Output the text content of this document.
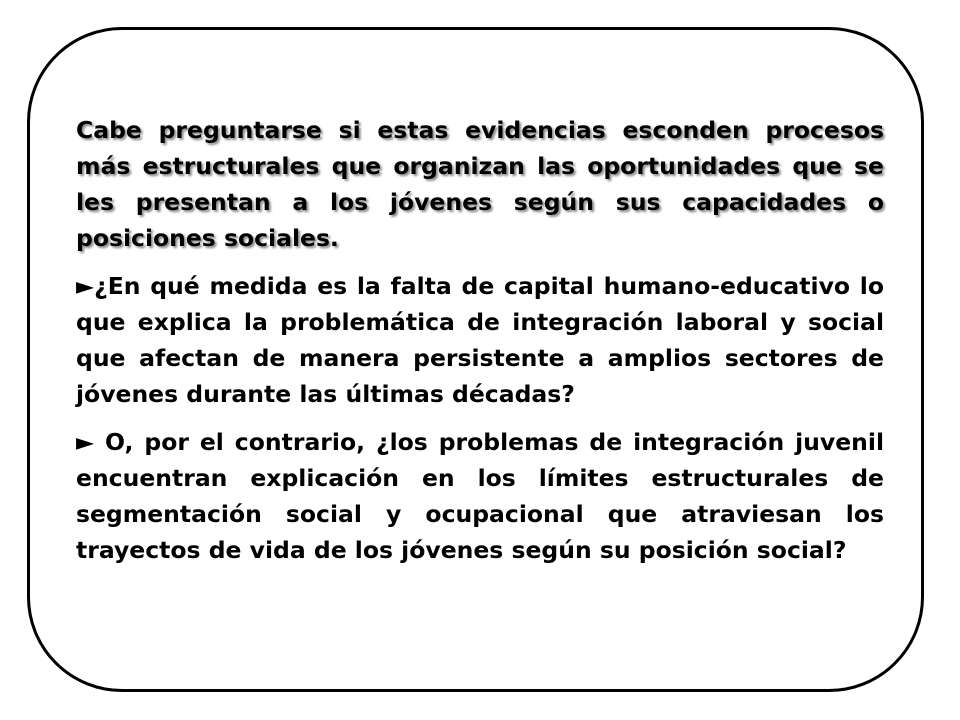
Cabe preguntarse si estas evidencias esconden procesos más estructurales que organizan las oportunidades que se les presentan a los jóvenes según sus capacidades o posiciones sociales.

►¿En qué medida es la falta de capital humano-educativo lo que explica la problemática de integración laboral y social que afectan de manera persistente a amplios sectores de jóvenes durante las últimas décadas?

► O, por el contrario, ¿los problemas de integración juvenil encuentran explicación en los límites estructurales de segmentación social y ocupacional que atraviesan los trayectos de vida de los jóvenes según su posición social?
